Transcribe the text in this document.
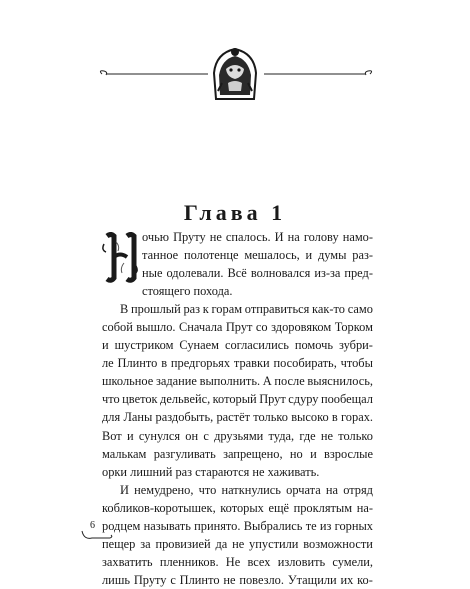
Глава 1
очью Пруту не спалось. И на голову намо-
танное полотенце мешалось, и думы раз-
ные одолевали. Всё волновался из-за пред-
стоящего похода.
В прошлый раз к горам отправиться как-то само
собой вышло. Сначала Прут со здоровяком Торком
и шустриком Сунаем согласились помочь зубри-
ле Плинто в предгорьях травки пособирать, чтобы
школьное задание выполнить. А после выяснилось,
что цветок дельвейс, который Прут сдуру пообещал
для Ланы раздобыть, растёт только высоко в горах.
Вот и сунулся он с друзьями туда, где не только
малькам разгуливать запрещено, но и взрослые
орки лишний раз стараются не хаживать.
И немудрено, что наткнулись орчата на отряд
кобликов-коротышек, которых ещё проклятым на-
родцем называть принято. Выбрались те из горных
пещер за провизией да не упустили возможности
захватить пленников. Не всех изловить сумели,
лишь Пруту с Плинто не повезло. Утащили их ко-
6
